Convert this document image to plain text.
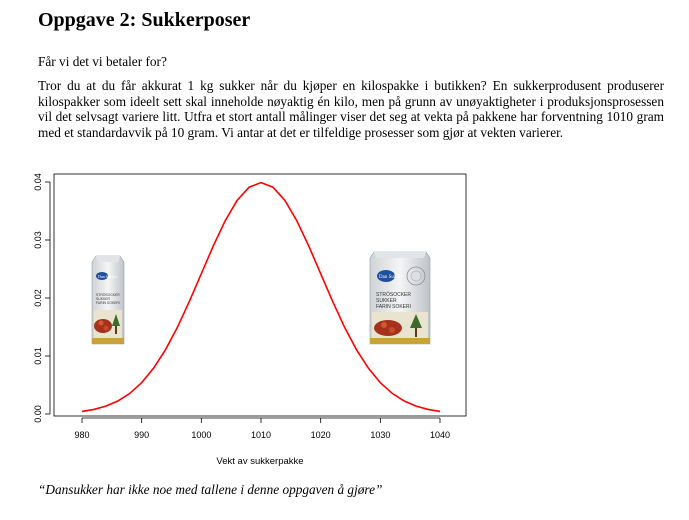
Oppgave 2: Sukkerposer

Får vi det vi betaler for?

Tror du at du får akkurat 1 kg sukker når du kjøper en kilospakke i butikken? En sukkerprodusent produserer kilospakker som ideelt sett skal inneholde nøyaktig én kilo, men på grunn av unøyaktigheter i produksjonsprosessen vil det selvsagt variere litt. Utfra et stort antall målinger viser det seg at vekta på pakkene har forventning 1010 gram med et standardavvik på 10 gram. Vi antar at det er tilfeldige prosesser som gjør at vekten varierer.

0.00
0.01
0.02
0.03
0.04
980	990	1000	1010	1020	1030	1040
Dan Sukker
STRÖSOCKER
SUKKER
FARIN SOKERI
Dan Sukker
STRÖSOCKER
SUKKER
FARIN SOKERI
Vekt av sukkerpakke

“Dansukker har ikke noe med tallene i denne oppgaven å gjøre”
